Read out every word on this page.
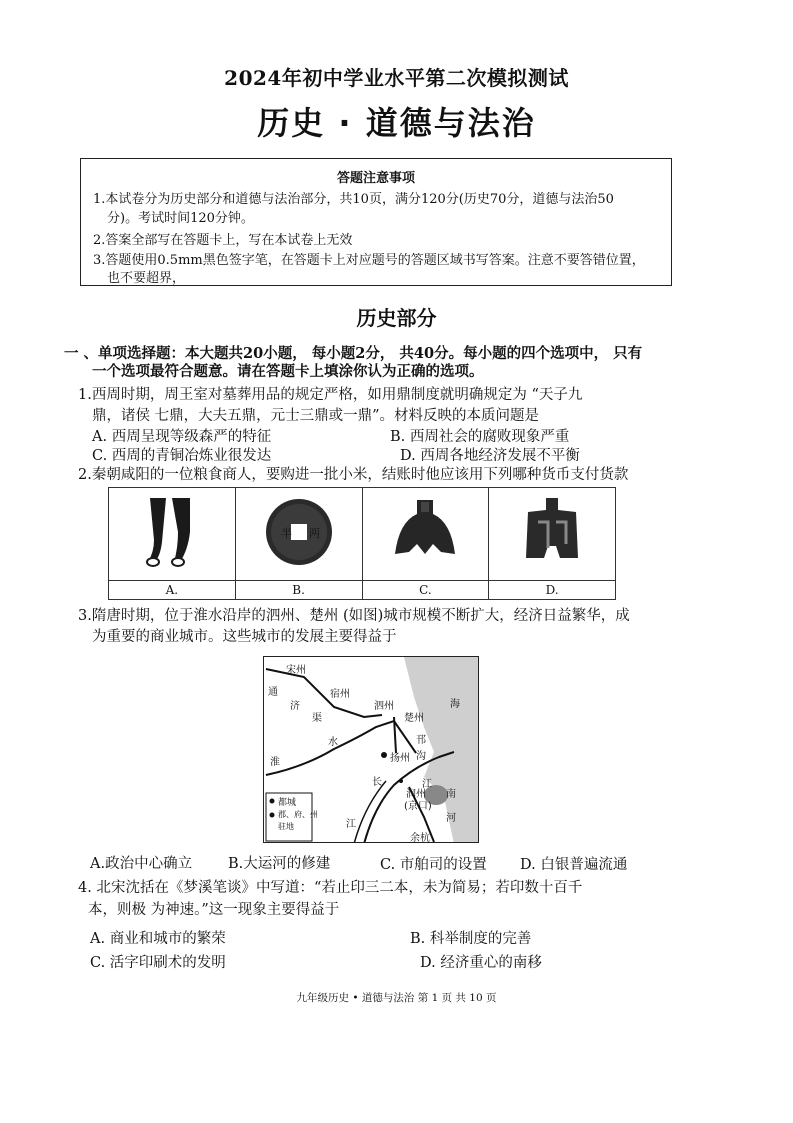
2024年初中学业水平第二次模拟测试
历史 · 道德与法治
答题注意事项
1.本试卷分为历史部分和道德与法治部分，共10页，满分120分(历史70分，道德与法治50
分)。考试时间120分钟。
2.答案全部写在答题卡上，写在本试卷上无效
3.答题使用0.5mm黑色签字笔，在答题卡上对应题号的答题区域书写答案。注意不要答错位置，
也不要超界，
历史部分
一 、单项选择题：本大题共20小题， 每小题2分， 共40分。每小题的四个选项中， 只有
一个选项最符合题意。请在答题卡上填涂你认为正确的选项。
1.西周时期，周王室对墓葬用品的规定严格，如用鼎制度就明确规定为 “天子九
鼎，诸侯 七鼎，大夫五鼎，元士三鼎或一鼎”。材料反映的本质问题是
A. 西周呈现等级森严的特征	B. 西周社会的腐败现象严重
C. 西周的青铜冶炼业很发达	D. 西周各地经济发展不平衡
2.秦朝咸阳的一位粮食商人，要购进一批小米，结账时他应该用下列哪种货币支付货款

半 两

A.	B.	C.	D.
3.隋唐时期，位于淮水沿岸的泗州、楚州 (如图)城市规模不断扩大，经济日益繁华，成
为重要的商业城市。这些城市的发展主要得益于
宋州
通
济
渠
宿州
泗州
楚州
邗
沟
海
淮
水
扬州
长
江
润州
(京口)
江
南
河
余杭
都城
郡、府、州
驻地
A.政治中心确立 B.大运河的修建	C. 市舶司的设置 D. 白银普遍流通
4. 北宋沈括在《梦溪笔谈》中写道：“若止印三二本，未为简易；若印数十百千
本，则极 为神速。”这一现象主要得益于
A. 商业和城市的繁荣	B. 科举制度的完善
C. 活字印刷术的发明	D. 经济重心的南移
九年级历史 • 道德与法治 第 1 页 共 10 页
